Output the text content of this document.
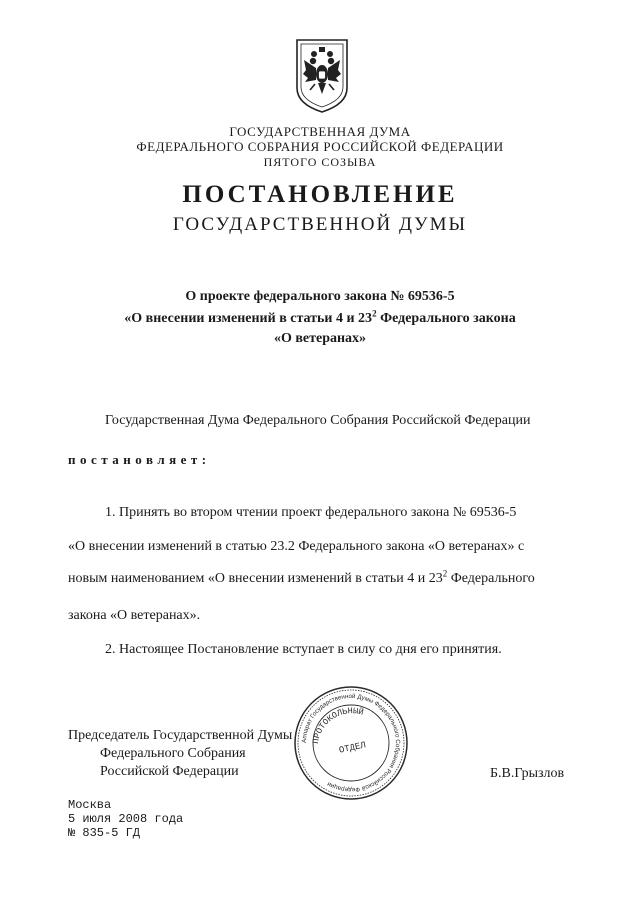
ГОСУДАРСТВЕННАЯ ДУМА
ФЕДЕРАЛЬНОГО СОБРАНИЯ РОССИЙСКОЙ ФЕДЕРАЦИИ
ПЯТОГО СОЗЫВА
ПОСТАНОВЛЕНИЕ
ГОСУДАРСТВЕННОЙ ДУМЫ
О проекте федерального закона № 69536-5
«О внесении изменений в статьи 4 и $23^2$ Федерального закона
«О ветеранах»
Государственная Дума Федерального Собрания Российской Федерации
постановляет:
1. Принять во втором чтении проект федерального закона № 69536-5
«О внесении изменений в статью 23.2 Федерального закона «О ветеранах» с
новым наименованием «О внесении изменений в статьи 4 и $23^2$ Федерального
закона «О ветеранах».
2. Настоящее Постановление вступает в силу со дня его принятия.
Председатель Государственной Думы
Федерального Собрания
Российской Федерации	Б.В.Грызлов
Аппарат Государственной Думы Федерального Собрания Российской Федерации
ПРОТОКОЛЬНЫЙ
ОТДЕЛ
Москва
5 июля 2008 года
№ 835-5 ГД
